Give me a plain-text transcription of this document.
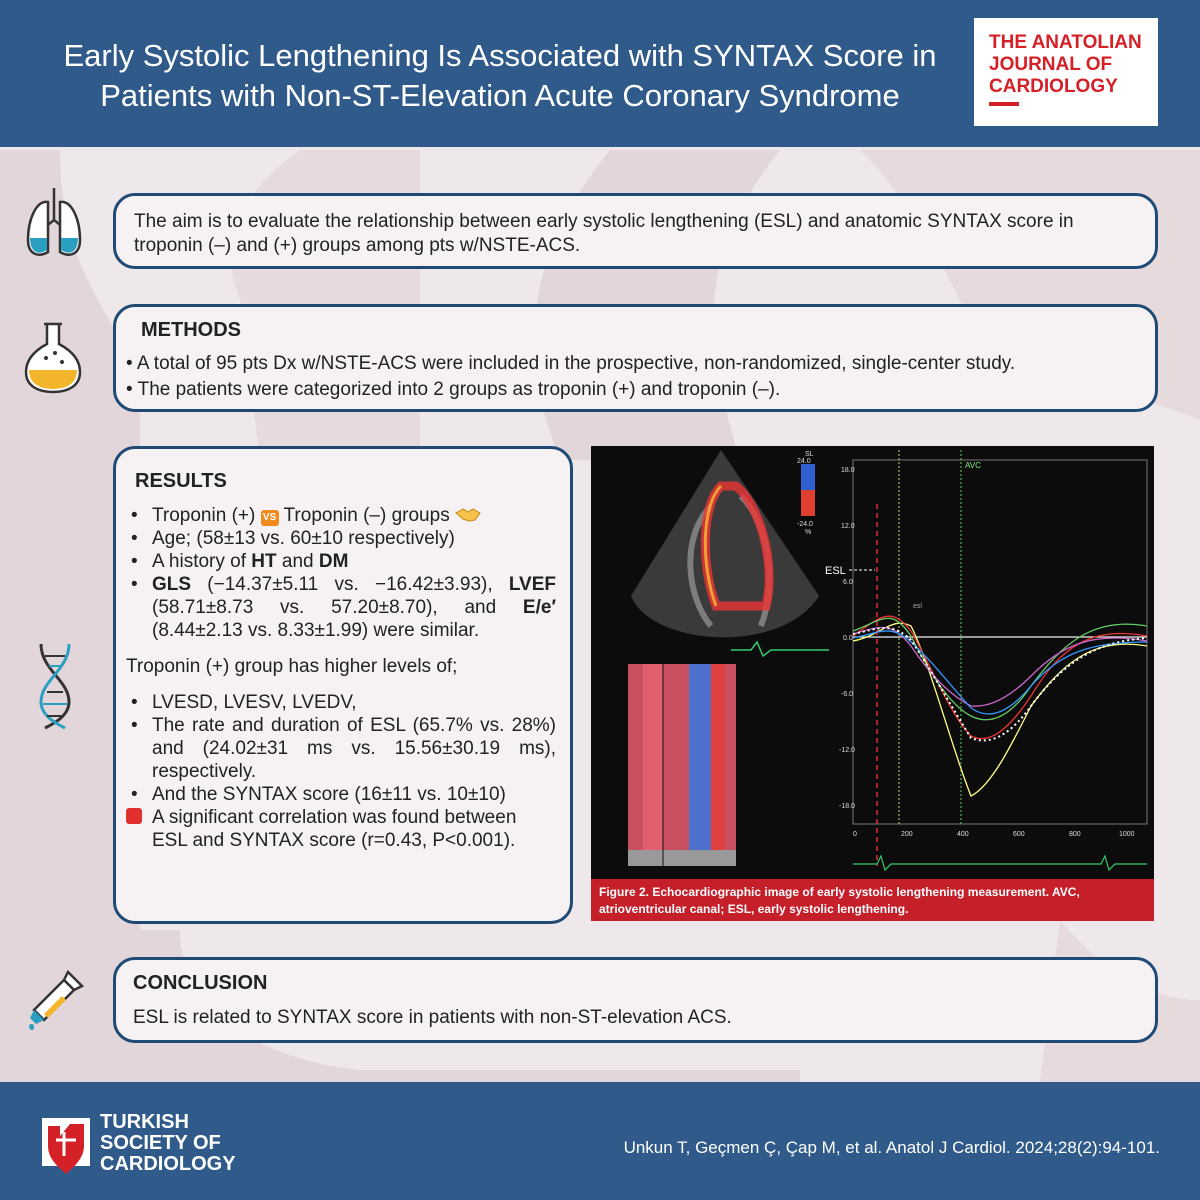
Early Systolic Lengthening Is Associated with SYNTAX Score in Patients with Non-ST-Elevation Acute Coronary Syndrome
THE ANATOLIAN
JOURNAL OF
CARDIOLOGY

The aim is to evaluate the relationship between early systolic lengthening (ESL) and anatomic SYNTAX score in troponin (–) and (+) groups among pts w/NSTE-ACS.

METHODS

• A total of 95 pts Dx w/NSTE-ACS were included in the prospective, non-randomized, single-center study.

• The patients were categorized into 2 groups as troponin (+) and troponin (–).

RESULTS
• Troponin (+) VS Troponin (–) groups
• Age; (58±13 vs. 60±10 respectively)
• A history of HT and DM
• GLS (−14.37±5.11 vs. −16.42±3.93), LVEF (58.71±8.73 vs. 57.20±8.70), and E/e′ (8.44±2.13 vs. 8.33±1.99) were similar.

Troponin (+) group has higher levels of;

• LVESD, LVESV, LVEDV,
• The rate and duration of ESL (65.7% vs. 28%) and (24.02±31 ms vs. 15.56±30.19 ms), respectively.
• And the SYNTAX score (16±11 vs. 10±10)
A significant correlation was found between ESL and SYNTAX score (r=0.43, P<0.001).
SL
24.0
-24.0
%
AVC
ESL
esl
18.0
12.0
6.0
0.0
-6.0
-12.0
-18.0
0	200	400	600	800	1000
Figure 2. Echocardiographic image of early systolic lengthening measurement. AVC, atrioventricular canal; ESL, early systolic lengthening.
CONCLUSION
ESL is related to SYNTAX score in patients with non-ST-elevation ACS.
TURKISH
SOCIETY OF
CARDIOLOGY
Unkun T, Geçmen Ç, Çap M, et al. Anatol J Cardiol. 2024;28(2):94-101.
